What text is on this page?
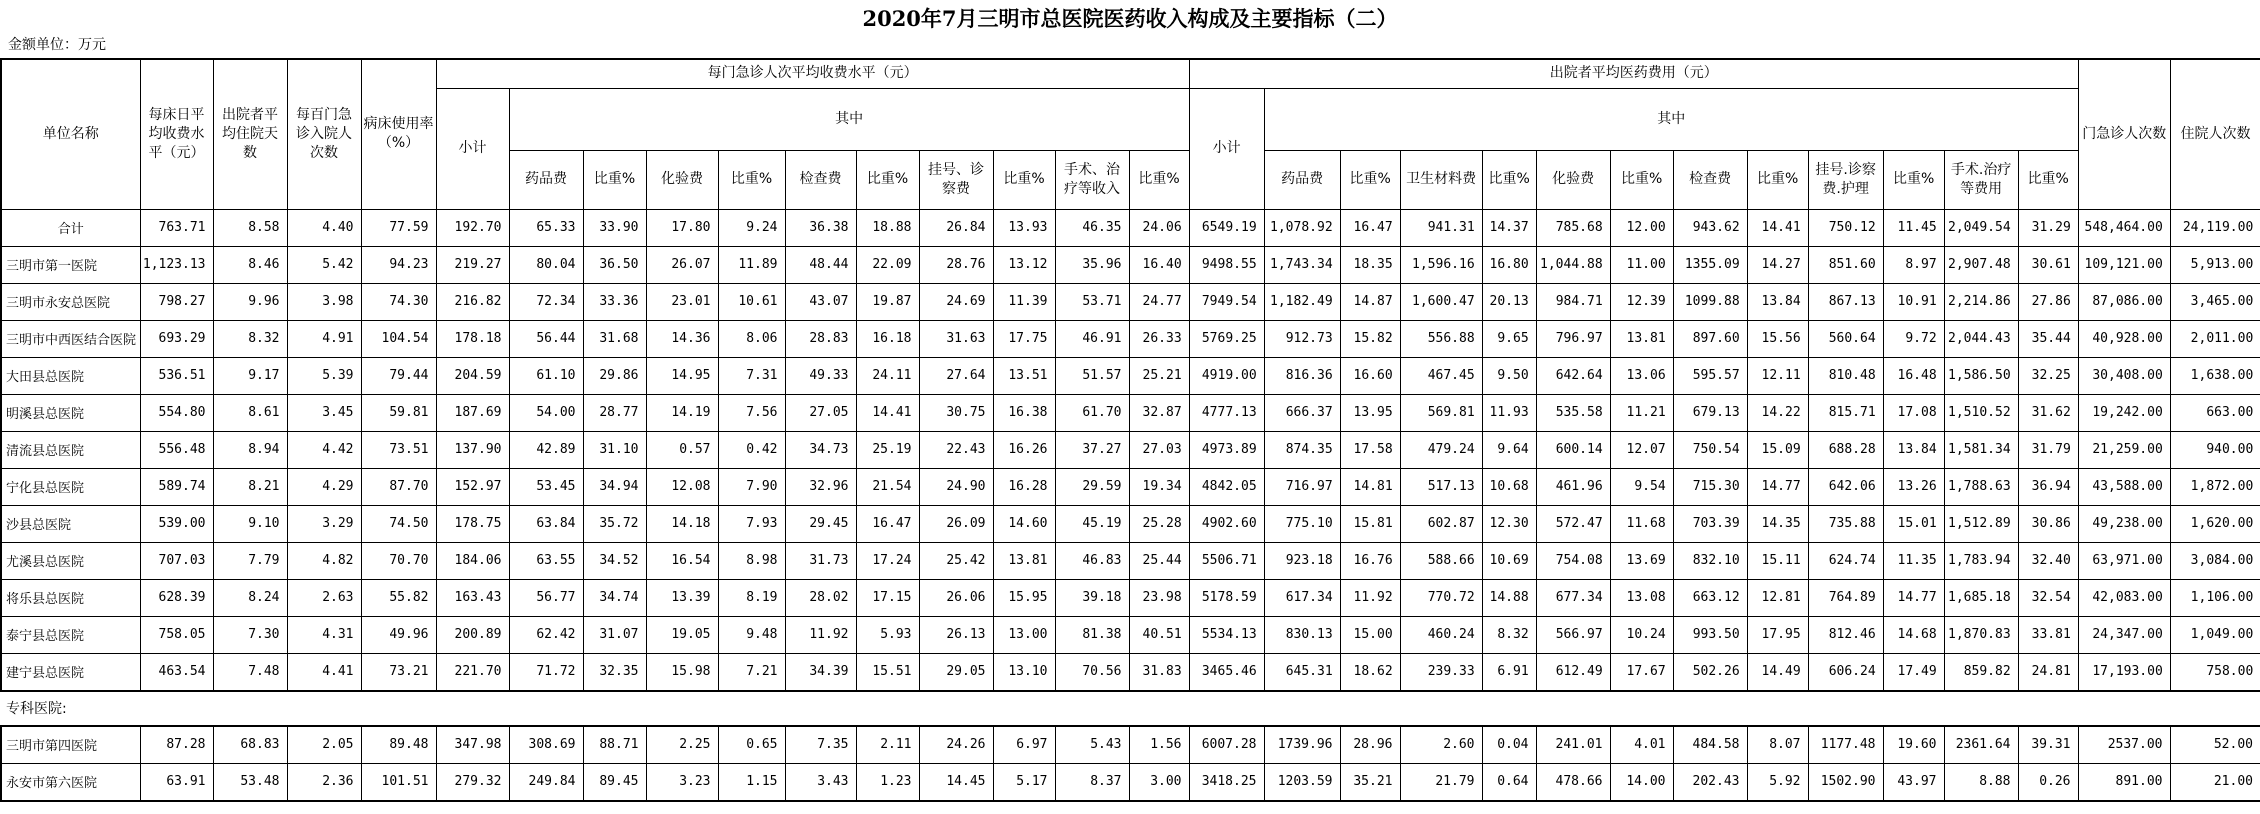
2020年7月三明市总医院医药收入构成及主要指标（二）
金额单位：万元
单位名称	每床日平均收费水平（元）	出院者平均住院天数	每百门急诊入院人次数	病床使用率（%）	每门急诊人次平均收费水平（元）											出院者平均医药费用（元）													门急诊人次数	住院人次数
					小计	其中										小计	其中													
						药品费	比重%	化验费	比重%	检查费	比重%	挂号、诊察费	比重%	手术、治疗等收入	比重%		药品费	比重%	卫生材料费	比重%	化验费	比重%	检查费	比重%	挂号.诊察费.护理	比重%	手术.治疗等费用	比重%		
合计	763.71	8.58	4.40	77.59	192.70	65.33	33.90	17.80	9.24	36.38	18.88	26.84	13.93	46.35	24.06	6549.19	1,078.92	16.47	941.31	14.37	785.68	12.00	943.62	14.41	750.12	11.45	2,049.54	31.29	548,464.00	24,119.00
三明市第一医院	1,123.13	8.46	5.42	94.23	219.27	80.04	36.50	26.07	11.89	48.44	22.09	28.76	13.12	35.96	16.40	9498.55	1,743.34	18.35	1,596.16	16.80	1,044.88	11.00	1355.09	14.27	851.60	8.97	2,907.48	30.61	109,121.00	5,913.00
三明市永安总医院	798.27	9.96	3.98	74.30	216.82	72.34	33.36	23.01	10.61	43.07	19.87	24.69	11.39	53.71	24.77	7949.54	1,182.49	14.87	1,600.47	20.13	984.71	12.39	1099.88	13.84	867.13	10.91	2,214.86	27.86	87,086.00	3,465.00
三明市中西医结合医院	693.29	8.32	4.91	104.54	178.18	56.44	31.68	14.36	8.06	28.83	16.18	31.63	17.75	46.91	26.33	5769.25	912.73	15.82	556.88	9.65	796.97	13.81	897.60	15.56	560.64	9.72	2,044.43	35.44	40,928.00	2,011.00
大田县总医院	536.51	9.17	5.39	79.44	204.59	61.10	29.86	14.95	7.31	49.33	24.11	27.64	13.51	51.57	25.21	4919.00	816.36	16.60	467.45	9.50	642.64	13.06	595.57	12.11	810.48	16.48	1,586.50	32.25	30,408.00	1,638.00
明溪县总医院	554.80	8.61	3.45	59.81	187.69	54.00	28.77	14.19	7.56	27.05	14.41	30.75	16.38	61.70	32.87	4777.13	666.37	13.95	569.81	11.93	535.58	11.21	679.13	14.22	815.71	17.08	1,510.52	31.62	19,242.00	663.00
清流县总医院	556.48	8.94	4.42	73.51	137.90	42.89	31.10	0.57	0.42	34.73	25.19	22.43	16.26	37.27	27.03	4973.89	874.35	17.58	479.24	9.64	600.14	12.07	750.54	15.09	688.28	13.84	1,581.34	31.79	21,259.00	940.00
宁化县总医院	589.74	8.21	4.29	87.70	152.97	53.45	34.94	12.08	7.90	32.96	21.54	24.90	16.28	29.59	19.34	4842.05	716.97	14.81	517.13	10.68	461.96	9.54	715.30	14.77	642.06	13.26	1,788.63	36.94	43,588.00	1,872.00
沙县总医院	539.00	9.10	3.29	74.50	178.75	63.84	35.72	14.18	7.93	29.45	16.47	26.09	14.60	45.19	25.28	4902.60	775.10	15.81	602.87	12.30	572.47	11.68	703.39	14.35	735.88	15.01	1,512.89	30.86	49,238.00	1,620.00
尤溪县总医院	707.03	7.79	4.82	70.70	184.06	63.55	34.52	16.54	8.98	31.73	17.24	25.42	13.81	46.83	25.44	5506.71	923.18	16.76	588.66	10.69	754.08	13.69	832.10	15.11	624.74	11.35	1,783.94	32.40	63,971.00	3,084.00
将乐县总医院	628.39	8.24	2.63	55.82	163.43	56.77	34.74	13.39	8.19	28.02	17.15	26.06	15.95	39.18	23.98	5178.59	617.34	11.92	770.72	14.88	677.34	13.08	663.12	12.81	764.89	14.77	1,685.18	32.54	42,083.00	1,106.00
泰宁县总医院	758.05	7.30	4.31	49.96	200.89	62.42	31.07	19.05	9.48	11.92	5.93	26.13	13.00	81.38	40.51	5534.13	830.13	15.00	460.24	8.32	566.97	10.24	993.50	17.95	812.46	14.68	1,870.83	33.81	24,347.00	1,049.00
建宁县总医院	463.54	7.48	4.41	73.21	221.70	71.72	32.35	15.98	7.21	34.39	15.51	29.05	13.10	70.56	31.83	3465.46	645.31	18.62	239.33	6.91	612.49	17.67	502.26	14.49	606.24	17.49	859.82	24.81	17,193.00	758.00
专科医院:
三明市第四医院	87.28	68.83	2.05	89.48	347.98	308.69	88.71	2.25	0.65	7.35	2.11	24.26	6.97	5.43	1.56	6007.28	1739.96	28.96	2.60	0.04	241.01	4.01	484.58	8.07	1177.48	19.60	2361.64	39.31	2537.00	52.00
永安市第六医院	63.91	53.48	2.36	101.51	279.32	249.84	89.45	3.23	1.15	3.43	1.23	14.45	5.17	8.37	3.00	3418.25	1203.59	35.21	21.79	0.64	478.66	14.00	202.43	5.92	1502.90	43.97	8.88	0.26	891.00	21.00
